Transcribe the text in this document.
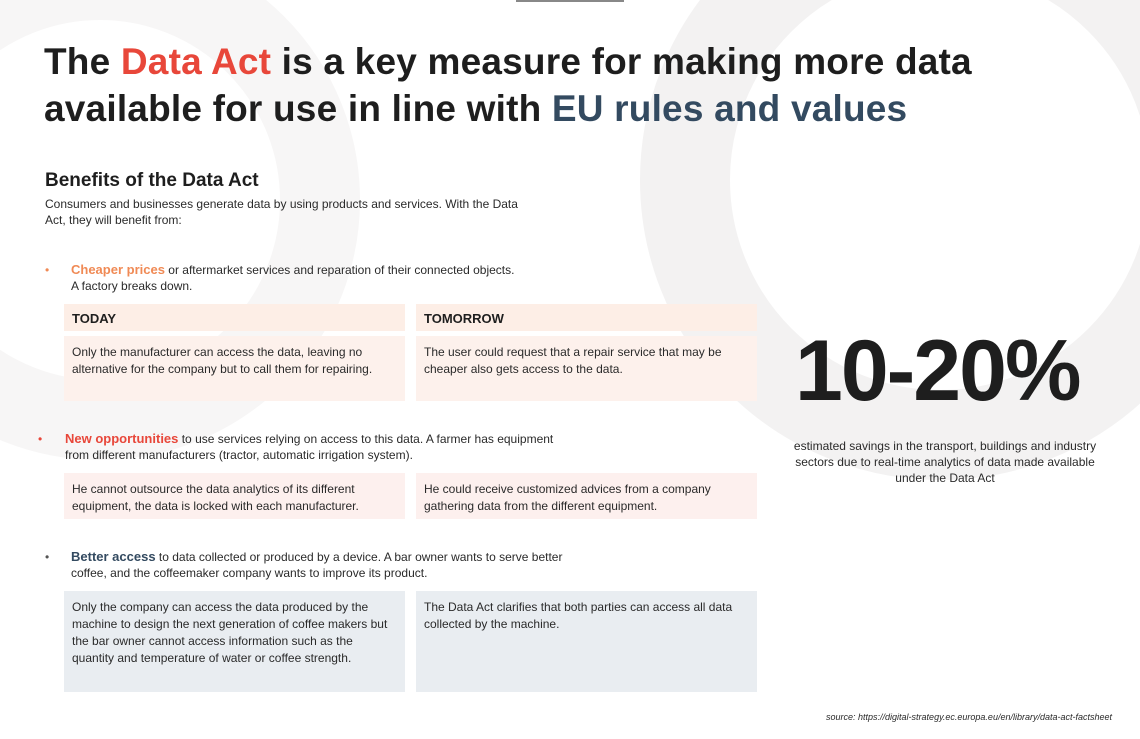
The Data Act is a key measure for making more data available for use in line with EU rules and values
Benefits of the Data Act
Consumers and businesses generate data by using products and services. With the Data Act, they will benefit from:
• Cheaper prices or aftermarket services and reparation of their connected objects.
A factory breaks down.
TODAY	TOMORROW
Only the manufacturer can access the data, leaving no alternative for the company but to call them for repairing.
The user could request that a repair service that may be cheaper also gets access to the data.
• New opportunities to use services relying on access to this data. A farmer has equipment
from different manufacturers (tractor, automatic irrigation system).
He cannot outsource the data analytics of its different equipment, the data is locked with each manufacturer.
He could receive customized advices from a company gathering data from the different equipment.
• Better access to data collected or produced by a device. A bar owner wants to serve better
coffee, and the coffeemaker company wants to improve its product.
Only the company can access the data produced by the machine to design the next generation of coffee makers but the bar owner cannot access information such as the quantity and temperature of water or coffee strength.
The Data Act clarifies that both parties can access all data collected by the machine.
10-20%
estimated savings in the transport, buildings and industry sectors due to real-time analytics of data made available under the Data Act
source: https://digital-strategy.ec.europa.eu/en/library/data-act-factsheet
